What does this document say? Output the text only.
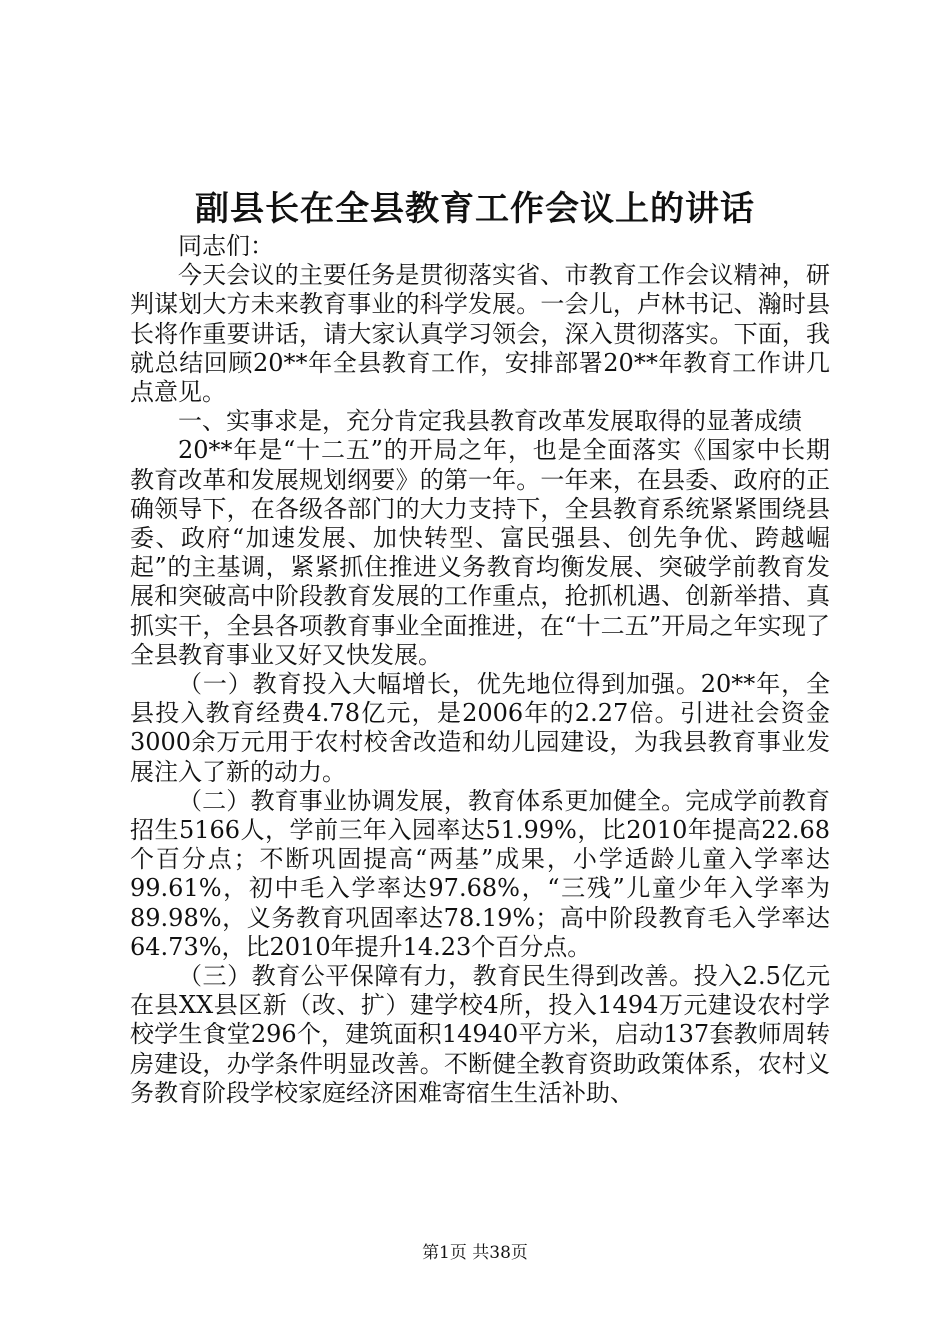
副县长在全县教育工作会议上的讲话

同志们：

今天会议的主要任务是贯彻落实省、市教育工作会议精神，研判谋划大方未来教育事业的科学发展。一会儿，卢林书记、瀚时县长将作重要讲话，请大家认真学习领会，深入贯彻落实。下面，我就总结回顾20**年全县教育工作，安排部署20**年教育工作讲几点意见。

一、实事求是，充分肯定我县教育改革发展取得的显著成绩

20**年是“十二五”的开局之年，也是全面落实《国家中长期教育改革和发展规划纲要》的第一年。一年来，在县委、政府的正确领导下，在各级各部门的大力支持下，全县教育系统紧紧围绕县委、政府“加速发展、加快转型、富民强县、创先争优、跨越崛起”的主基调，紧紧抓住推进义务教育均衡发展、突破学前教育发展和突破高中阶段教育发展的工作重点，抢抓机遇、创新举措、真抓实干，全县各项教育事业全面推进，在“十二五”开局之年实现了全县教育事业又好又快发展。

（一）教育投入大幅增长，优先地位得到加强。20**年，全县投入教育经费4.78亿元，是2006年的2.27倍。引进社会资金3000余万元用于农村校舍改造和幼儿园建设，为我县教育事业发展注入了新的动力。

（二）教育事业协调发展，教育体系更加健全。完成学前教育招生5166人，学前三年入园率达51.99%，比2010年提高22.68个百分点；不断巩固提高“两基”成果，小学适龄儿童入学率达99.61%，初中毛入学率达97.68%，“三残”儿童少年入学率为89.98%，义务教育巩固率达78.19%；高中阶段教育毛入学率达64.73%，比2010年提升14.23个百分点。

（三）教育公平保障有力，教育民生得到改善。投入2.5亿元在县XX县区新（改、扩）建学校4所，投入1494万元建设农村学校学生食堂296个，建筑面积14940平方米，启动137套教师周转房建设，办学条件明显改善。不断健全教育资助政策体系，农村义务教育阶段学校家庭经济困难寄宿生生活补助、

第1页 共38页
